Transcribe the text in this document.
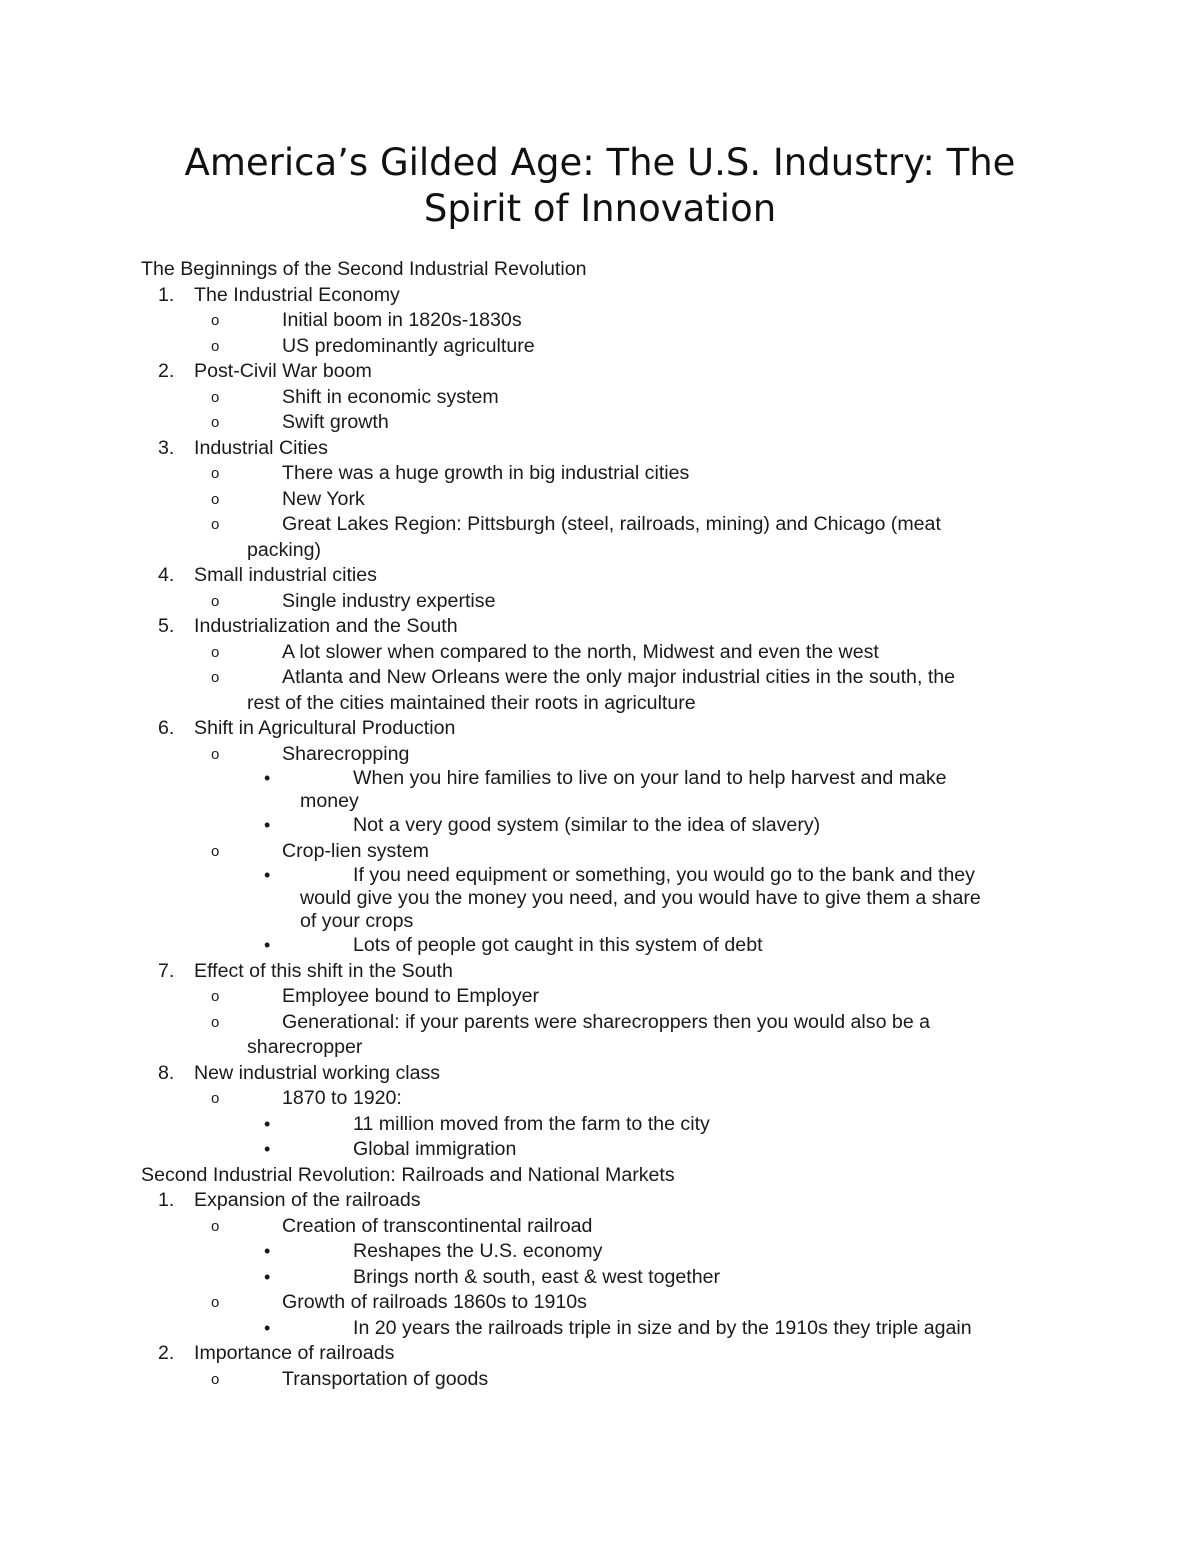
America’s Gilded Age: The U.S. Industry: The
Spirit of Innovation
The Beginnings of the Second Industrial Revolution
1.	The Industrial Economy
o	Initial boom in 1820s-1830s
o	US predominantly agriculture
2.	Post-Civil War boom
o	Shift in economic system
o	Swift growth
3.	Industrial Cities
o	There was a huge growth in big industrial cities
o	New York
o	Great Lakes Region: Pittsburgh (steel, railroads, mining) and Chicago (meat
packing)
4.	Small industrial cities
o	Single industry expertise
5.	Industrialization and the South
o	A lot slower when compared to the north, Midwest and even the west
o	Atlanta and New Orleans were the only major industrial cities in the south, the
rest of the cities maintained their roots in agriculture
6.	Shift in Agricultural Production
o	Sharecropping
•	When you hire families to live on your land to help harvest and make
money
•	Not a very good system (similar to the idea of slavery)
o	Crop-lien system
•	If you need equipment or something, you would go to the bank and they
would give you the money you need, and you would have to give them a share
of your crops
•	Lots of people got caught in this system of debt
7.	Effect of this shift in the South
o	Employee bound to Employer
o	Generational: if your parents were sharecroppers then you would also be a
sharecropper
8.	New industrial working class
o	1870 to 1920:
•	11 million moved from the farm to the city
•	Global immigration
Second Industrial Revolution: Railroads and National Markets
1.	Expansion of the railroads
o	Creation of transcontinental railroad
•	Reshapes the U.S. economy
•	Brings north & south, east & west together
o	Growth of railroads 1860s to 1910s
•	In 20 years the railroads triple in size and by the 1910s they triple again
2.	Importance of railroads
o	Transportation of goods
